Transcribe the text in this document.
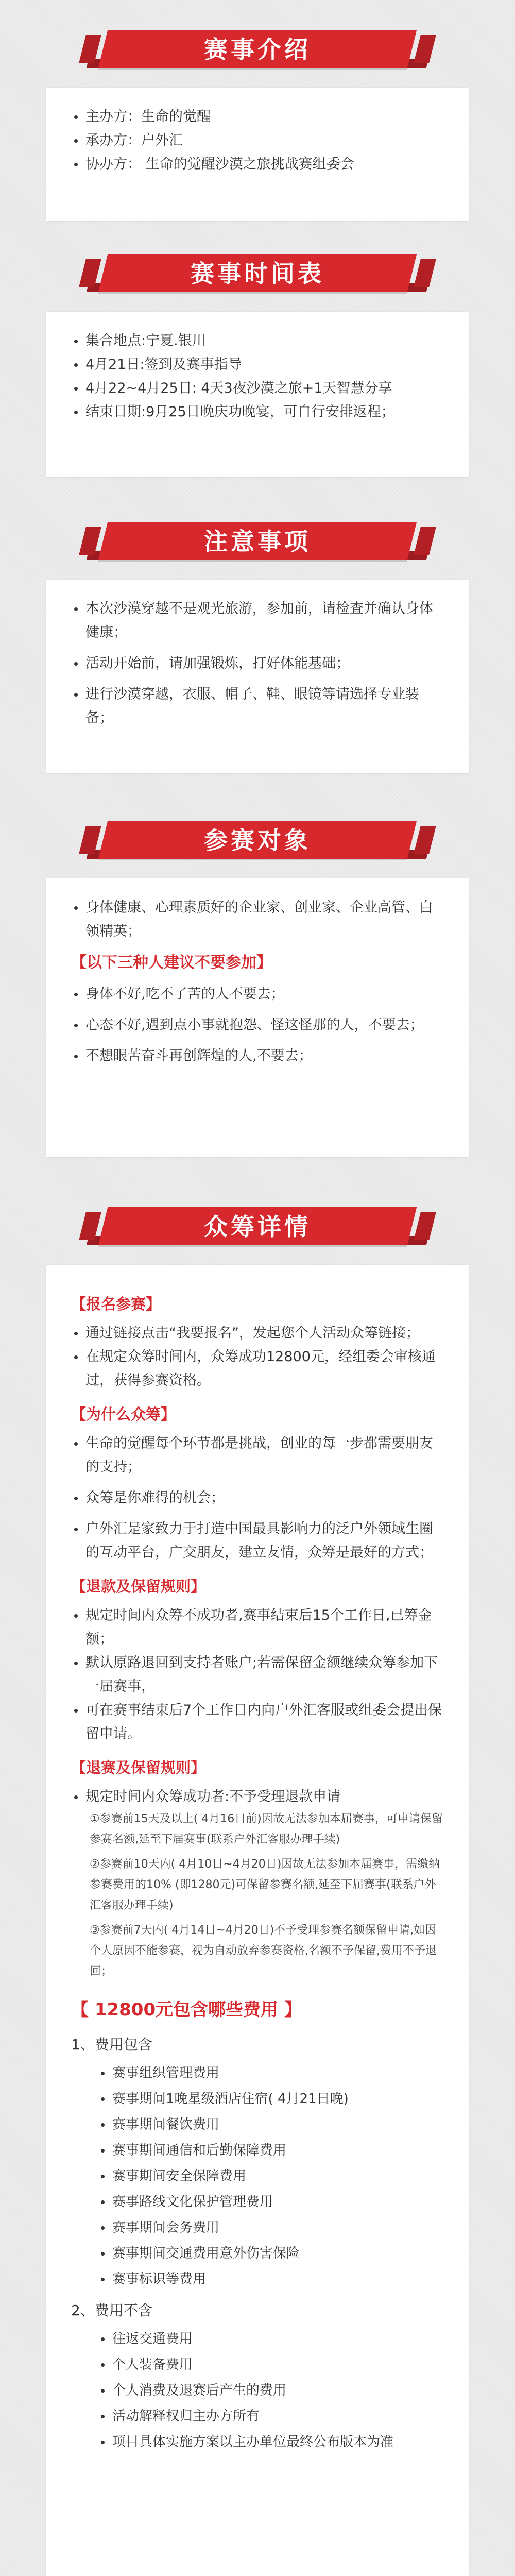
赛事介绍
主办方：生命的觉醒
承办方：户外汇
协办方： 生命的觉醒沙漠之旅挑战赛组委会
赛事时间表
集合地点:宁夏.银川
4月21日:签到及赛事指导
4月22~4月25日: 4天3夜沙漠之旅+1天智慧分享
结束日期:9月25日晚庆功晚宴，可自行安排返程；
注意事项
本次沙漠穿越不是观光旅游，参加前，请检查并确认身体健康；
活动开始前，请加强锻炼，打好体能基础；
进行沙漠穿越，衣服、帽子、鞋、眼镜等请选择专业装备；
参赛对象
身体健康、心理素质好的企业家、创业家、企业高管、白领精英；
【以下三种人建议不要参加】
身体不好,吃不了苦的人不要去；
心态不好,遇到点小事就抱怨、怪这怪那的人，不要去；
不想眼苦奋斗再创辉煌的人,不要去；
众筹详情
【报名参赛】
通过链接点击“我要报名”，发起您个人活动众筹链接；
在规定众筹时间内，众筹成功12800元，经组委会审核通过，获得参赛资格。
【为什么众筹】
生命的觉醒每个环节都是挑战，创业的每一步都需要朋友的支持；
众筹是你难得的机会；
户外汇是家致力于打造中国最具影响力的泛户外领域生圈的互动平台，广交朋友，建立友情，众筹是最好的方式；
【退款及保留规则】
规定时间内众筹不成功者,赛事结束后15个工作日,已筹金额；
默认原路退回到支持者账户;若需保留金额继续众筹参加下一届赛事，
可在赛事结束后7个工作日内向户外汇客服或组委会提出保留申请。
【退赛及保留规则】
规定时间内众筹成功者:不予受理退款申请
①参赛前15天及以上( 4月16日前)因故无法参加本届赛事，可申请保留参赛名额,延至下届赛事(联系户外汇客服办理手续)
②参赛前10天内( 4月10日~4月20日)因故无法参加本届赛事，需缴纳参赛费用的10% (即1280元)可保留参赛名额,延至下届赛事(联系户外汇客服办理手续)
③参赛前7天内( 4月14日~4月20日)不予受理参赛名额保留申请,如因个人原因不能参赛，视为自动放弃参赛资格,名额不予保留,费用不予退回；
【 12800元包含哪些费用 】
1、费用包含
赛事组织管理费用
赛事期间1晚星级酒店住宿( 4月21日晚)
赛事期间餐饮费用
赛事期间通信和后勤保障费用
赛事期间安全保障费用
赛事路线文化保护管理费用
赛事期间会务费用
赛事期间交通费用意外伤害保险
赛事标识等费用
2、费用不含
往返交通费用
个人装备费用
个人消费及退赛后产生的费用
活动解释权归主办方所有
项目具体实施方案以主办单位最终公布版本为准
